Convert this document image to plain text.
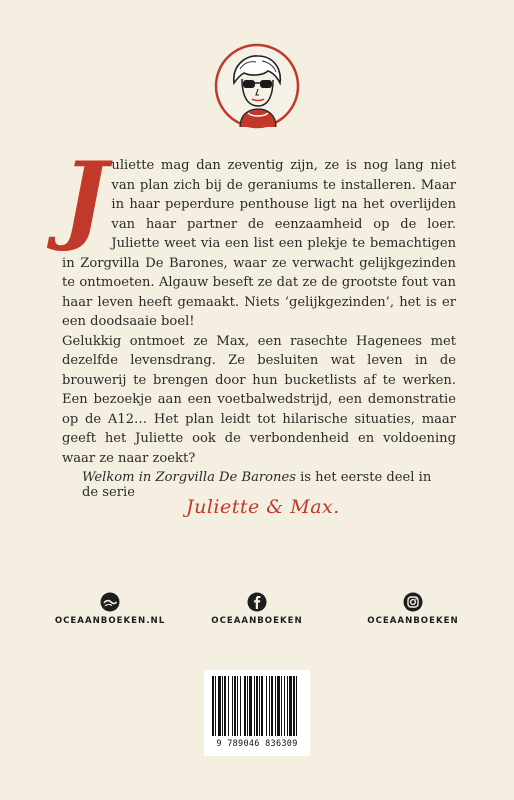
Juliette mag dan zeventig zijn, ze is nog lang niet van plan zich bij de geraniums te installeren. Maar in haar peperdure penthouse ligt na het overlijden van haar partner de eenzaamheid op de loer. Juliette weet via een list een plekje te bemachtigen in Zorgvilla De Barones, waar ze verwacht gelijkgezinden te ontmoeten. Algauw beseft ze dat ze de grootste fout van haar leven heeft gemaakt. Niets ‘gelijkgezinden’, het is er een doodsaaie boel!

Gelukkig ontmoet ze Max, een rasechte Hagenees met dezelfde levensdrang. Ze besluiten wat leven in de brouwerij te brengen door hun bucketlists af te werken. Een bezoekje aan een voetbalwedstrijd, een demonstratie op de A12… Het plan leidt tot hilarische situaties, maar geeft het Juliette ook de verbondenheid en voldoening waar ze naar zoekt?

Welkom in Zorgvilla De Barones is het eerste deel in de serie
Juliette & Max.
OCEAANBOEKEN.NL	OCEAANBOEKEN	OCEAANBOEKEN
9 789046 836309
